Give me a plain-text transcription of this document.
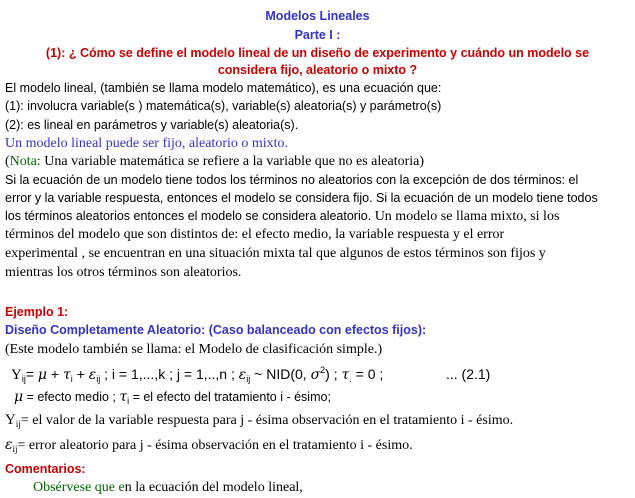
Modelos Lineales
Parte I :
(1): ¿ Cómo se define el modelo lineal de un diseño de experimento y cuándo un modelo se
considera fijo, aleatorio o mixto ?
El modelo lineal, (también se llama modelo matemático), es una ecuación que:
(1): involucra variable(s ) matemática(s), variable(s) aleatoria(s) y parámetro(s)
(2): es lineal en parámetros y variable(s) aleatoria(s).
Un modelo lineal puede ser fijo, aleatorio o mixto.
(Nota: Una variable matemática se refiere a la variable que no es aleatoria)
Si la ecuación de un modelo tiene todos los términos no aleatorios con la excepción de dos términos: el
error y la variable respuesta, entonces el modelo se considera fijo. Si la ecuación de un modelo tiene todos
los términos aleatorios entonces el modelo se considera aleatorio. Un modelo se llama mixto, si los
términos del modelo que son distintos de: el efecto medio, la variable respuesta y el error
experimental , se encuentran en una situación mixta tal que algunos de estos términos son fijos y
mientras los otros términos son aleatorios.
Ejemplo 1:
Diseño Completamente Aleatorio: (Caso balanceado con efectos fijos):
(Este modelo también se llama: el Modelo de clasificación simple.)
$Y_{ij}= \mu + \tau_i + \varepsilon_{ij}$ ; i = 1,...,k ; j = 1,..,n ; $\varepsilon_{ij}$ ~ NID(0, $\sigma^2$) ; $\tau_. = 0$ ;	... (2.1)
μ = efecto medio ; $\tau_i$ = el efecto del tratamiento i - ésimo;
$Y_{ij}=$ el valor de la variable respuesta para j - ésima observación en el tratamiento i - ésimo.
$\varepsilon_{ij}=$ error aleatorio para j - ésima observación en el tratamiento i - ésimo.
Comentarios:
Obsérvese que en la ecuación del modelo lineal,
